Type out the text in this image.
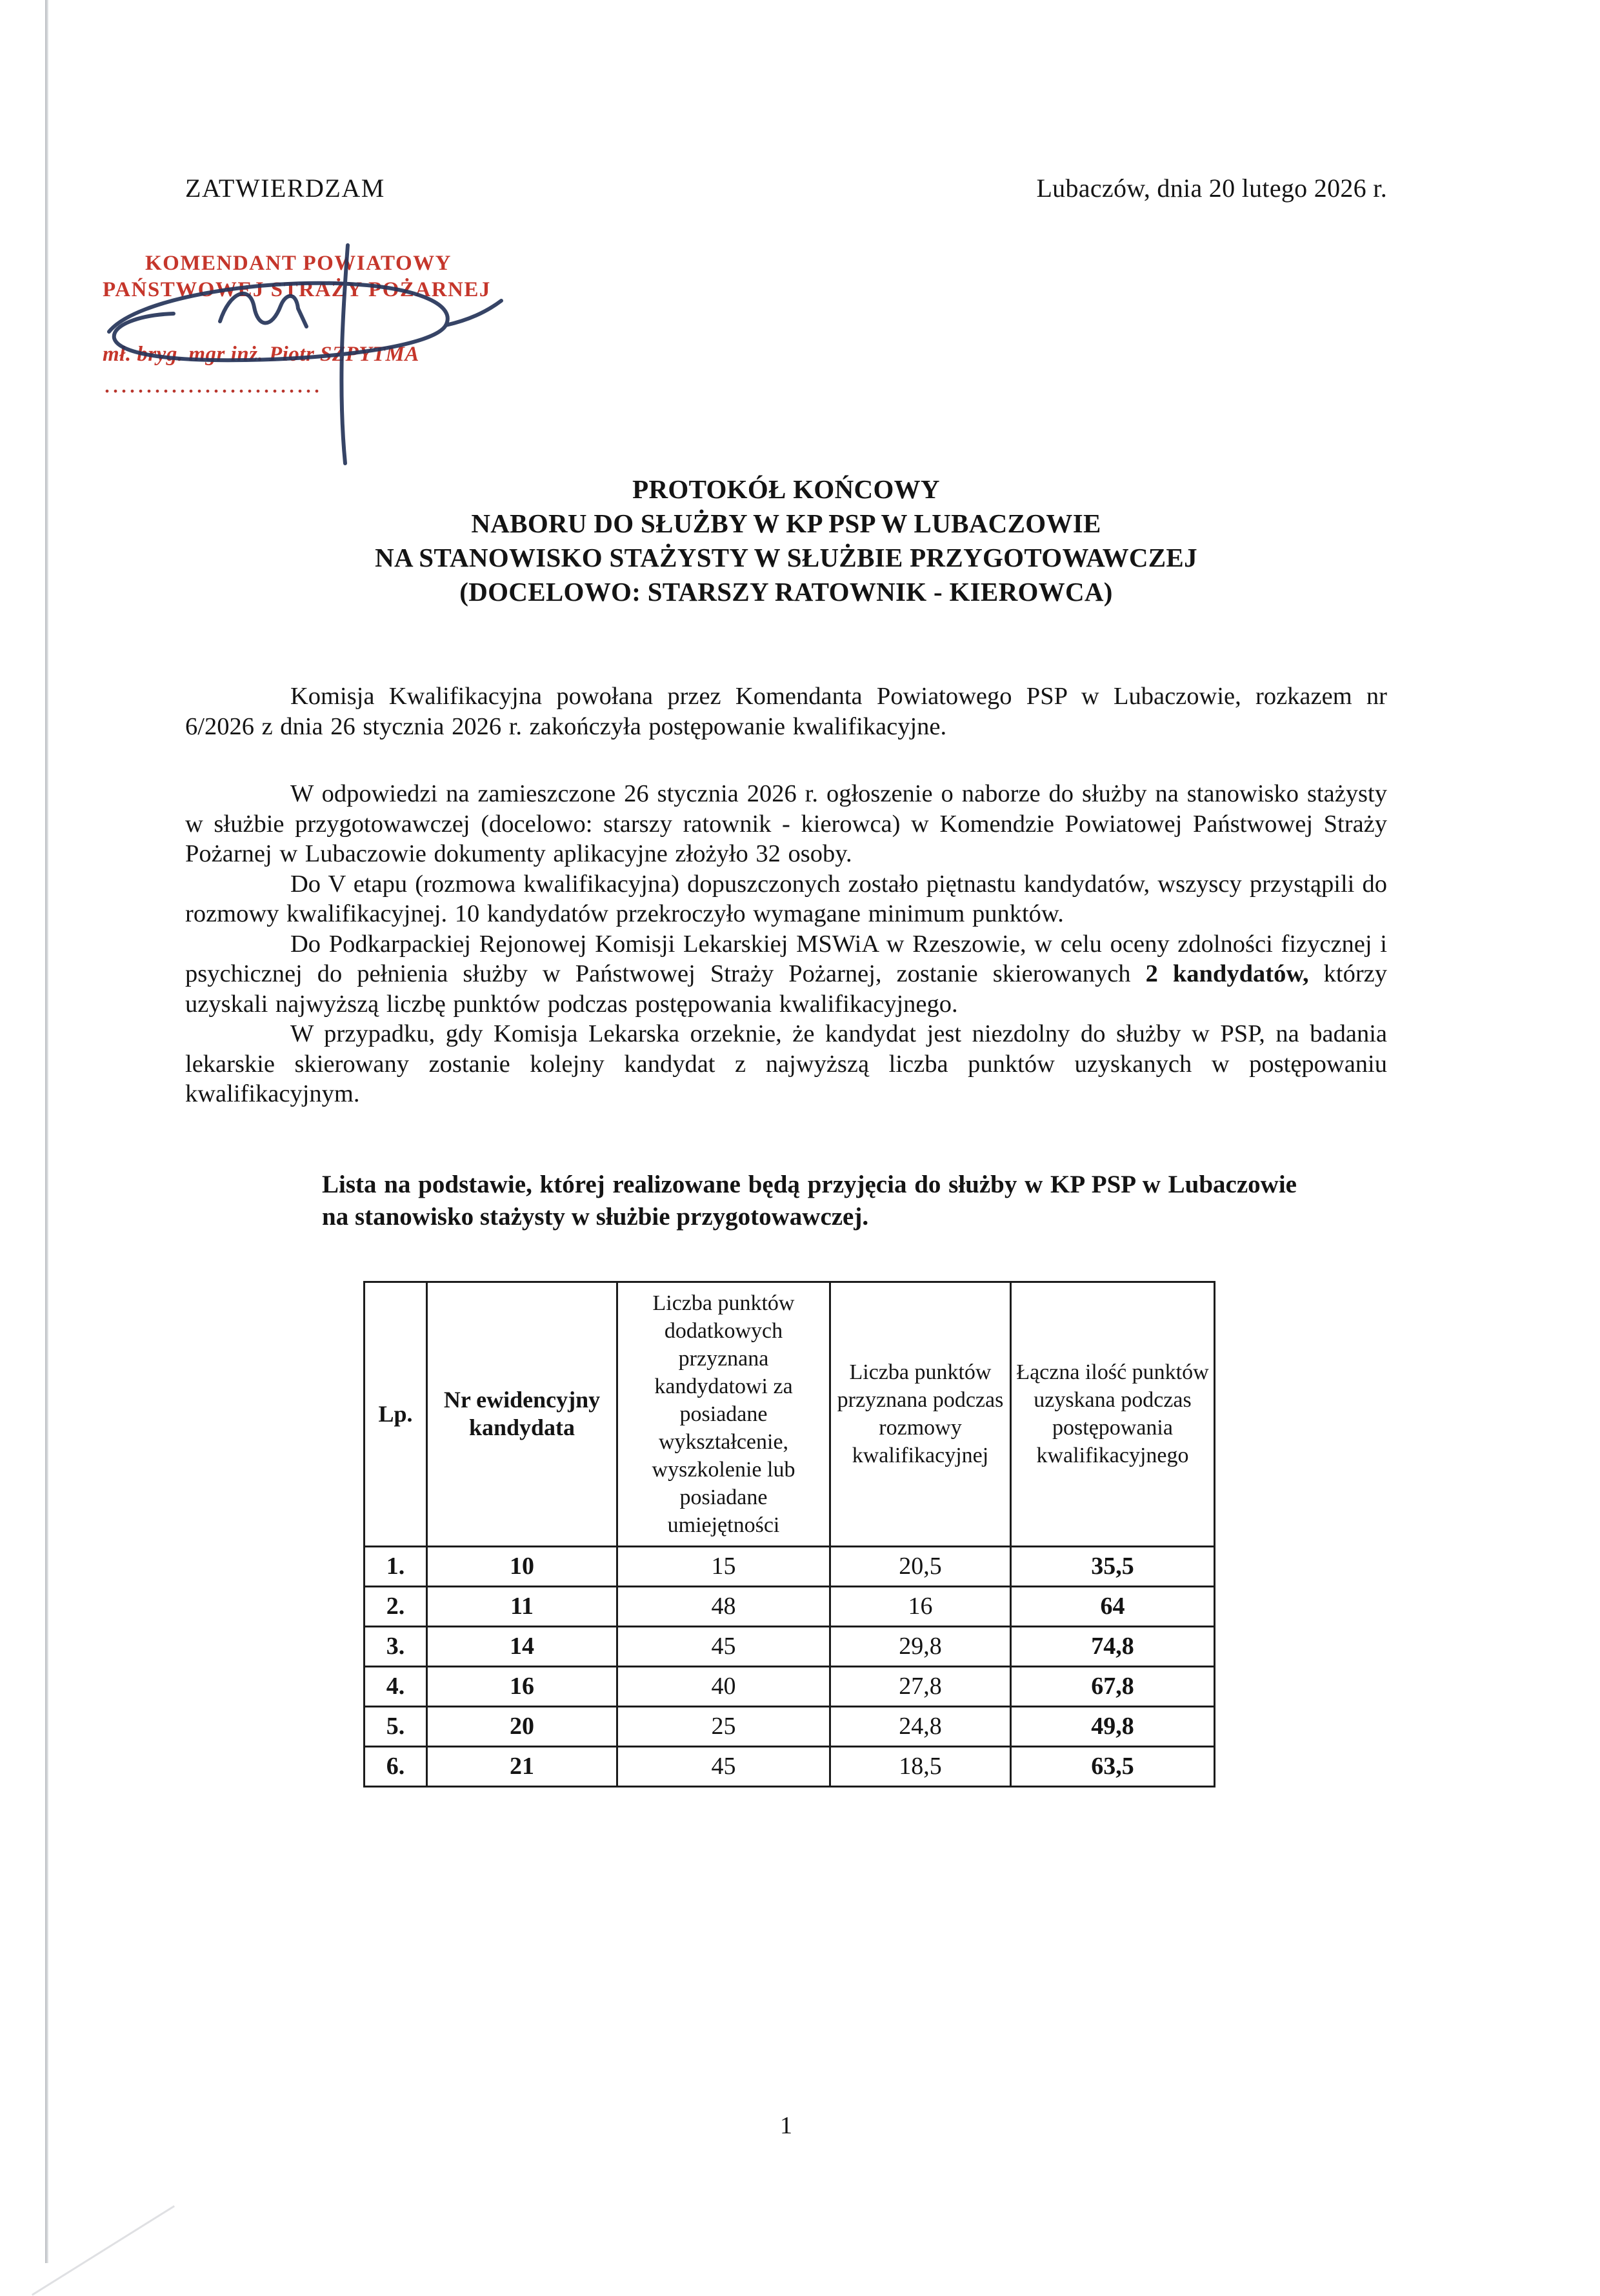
ZATWIERDZAM	Lubaczów, dnia 20 lutego 2026 r.
KOMENDANT POWIATOWY
PAŃSTWOWEJ STRAŻY POŻARNEJ
mł. bryg. mgr inż. Piotr SZPYTMA
..........................
PROTOKÓŁ KOŃCOWY
NABORU DO SŁUŻBY W KP PSP W LUBACZOWIE
NA STANOWISKO STAŻYSTY W SŁUŻBIE PRZYGOTOWAWCZEJ
(DOCELOWO: STARSZY RATOWNIK - KIEROWCA)

Komisja Kwalifikacyjna powołana przez Komendanta Powiatowego PSP w Lubaczowie, rozkazem nr 6/2026 z dnia 26 stycznia 2026 r. zakończyła postępowanie kwalifikacyjne.

W odpowiedzi na zamieszczone 26 stycznia 2026 r. ogłoszenie o naborze do służby na stanowisko stażysty w służbie przygotowawczej (docelowo: starszy ratownik - kierowca) w Komendzie Powiatowej Państwowej Straży Pożarnej w Lubaczowie dokumenty aplikacyjne złożyło 32 osoby.

Do V etapu (rozmowa kwalifikacyjna) dopuszczonych zostało piętnastu kandydatów, wszyscy przystąpili do rozmowy kwalifikacyjnej. 10 kandydatów przekroczyło wymagane minimum punktów.

Do Podkarpackiej Rejonowej Komisji Lekarskiej MSWiA w Rzeszowie, w celu oceny zdolności fizycznej i psychicznej do pełnienia służby w Państwowej Straży Pożarnej, zostanie skierowanych 2 kandydatów, którzy uzyskali najwyższą liczbę punktów podczas postępowania kwalifikacyjnego.

W przypadku, gdy Komisja Lekarska orzeknie, że kandydat jest niezdolny do służby w PSP, na badania lekarskie skierowany zostanie kolejny kandydat z najwyższą liczba punktów uzyskanych w postępowaniu kwalifikacyjnym.

Lista na podstawie, której realizowane będą przyjęcia do służby w KP PSP w Lubaczowie na stanowisko stażysty w służbie przygotowawczej.

Lp.	Nr ewidencyjny kandydata	Liczba punktów dodatkowych przyznana kandydatowi za posiadane wykształcenie, wyszkolenie lub posiadane umiejętności	Liczba punktów przyznana podczas rozmowy kwalifikacyjnej	Łączna ilość punktów uzyskana podczas postępowania kwalifikacyjnego
1.	10	15	20,5	35,5
2.	11	48	16	64
3.	14	45	29,8	74,8
4.	16	40	27,8	67,8
5.	20	25	24,8	49,8
6.	21	45	18,5	63,5
1
